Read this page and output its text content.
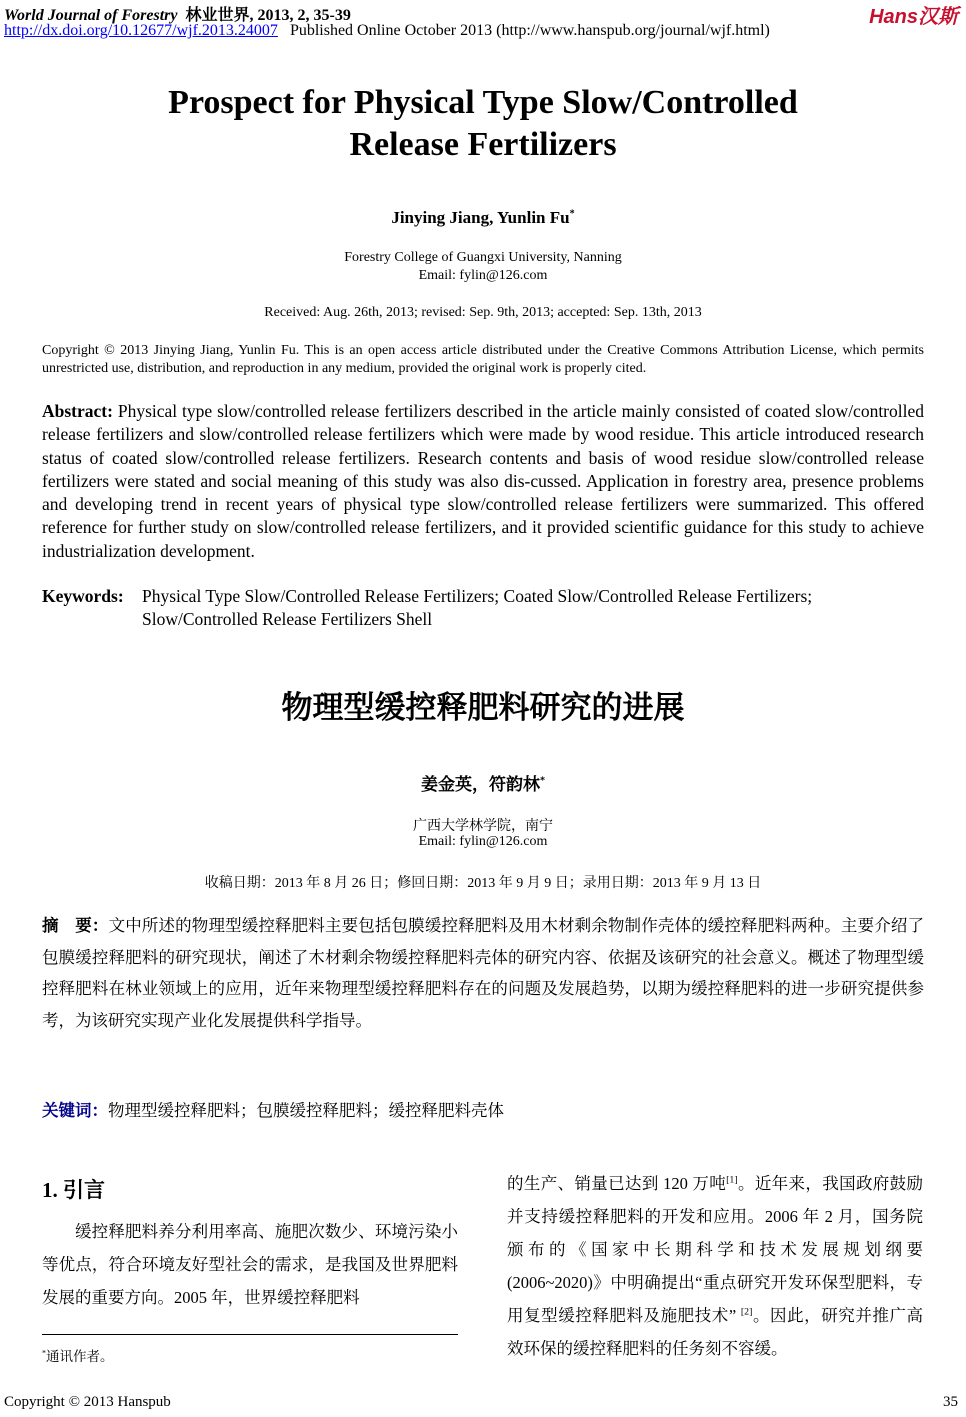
World Journal of Forestry 林业世界, 2013, 2, 35-39
http://dx.doi.org/10.12677/wjf.2013.24007 Published Online October 2013 (http://www.hanspub.org/journal/wjf.html)
Hans汉斯
Prospect for Physical Type Slow/Controlled
Release Fertilizers
Jinying Jiang, Yunlin Fu*
Forestry College of Guangxi University, Nanning
Email: fylin@126.com
Received: Aug. 26th, 2013; revised: Sep. 9th, 2013; accepted: Sep. 13th, 2013
Copyright © 2013 Jinying Jiang, Yunlin Fu. This is an open access article distributed under the Creative Commons Attribution License, which permits unrestricted use, distribution, and reproduction in any medium, provided the original work is properly cited.
Abstract: Physical type slow/controlled release fertilizers described in the article mainly consisted of coated slow/controlled release fertilizers and slow/controlled release fertilizers which were made by wood residue. This article introduced research status of coated slow/controlled release fertilizers. Research contents and basis of wood residue slow/controlled release fertilizers were stated and social meaning of this study was also dis-cussed. Application in forestry area, presence problems and developing trend in recent years of physical type slow/controlled release fertilizers were summarized. This offered reference for further study on slow/controlled release fertilizers, and it provided scientific guidance for this study to achieve industrialization development.
Keywords: Physical Type Slow/Controlled Release Fertilizers; Coated Slow/Controlled Release Fertilizers;
Slow/Controlled Release Fertilizers Shell
物理型缓控释肥料研究的进展
姜金英，符韵林*
广西大学林学院，南宁
Email: fylin@126.com
收稿日期：2013 年 8 月 26 日；修回日期：2013 年 9 月 9 日；录用日期：2013 年 9 月 13 日
摘　要：文中所述的物理型缓控释肥料主要包括包膜缓控释肥料及用木材剩余物制作壳体的缓控释肥料两种。主要介绍了包膜缓控释肥料的研究现状，阐述了木材剩余物缓控释肥料壳体的研究内容、依据及该研究的社会意义。概述了物理型缓控释肥料在林业领域上的应用，近年来物理型缓控释肥料存在的问题及发展趋势，以期为缓控释肥料的进一步研究提供参考，为该研究实现产业化发展提供科学指导。
关键词：物理型缓控释肥料；包膜缓控释肥料；缓控释肥料壳体
1. 引言
缓控释肥料养分利用率高、施肥次数少、环境污染小等优点，符合环境友好型社会的需求，是我国及世界肥料发展的重要方向。2005 年，世界缓控释肥料
的生产、销量已达到 120 万吨[1]。近年来，我国政府鼓励并支持缓控释肥料的开发和应用。2006 年 2 月，国务院颁布的《国家中长期科学和技术发展规划纲要(2006~2020)》中明确提出“重点研究开发环保型肥料，专用复型缓控释肥料及施肥技术” [2]。因此，研究并推广高效环保的缓控释肥料的任务刻不容缓。
*通讯作者。
Copyright © 2013 Hanspub	35
